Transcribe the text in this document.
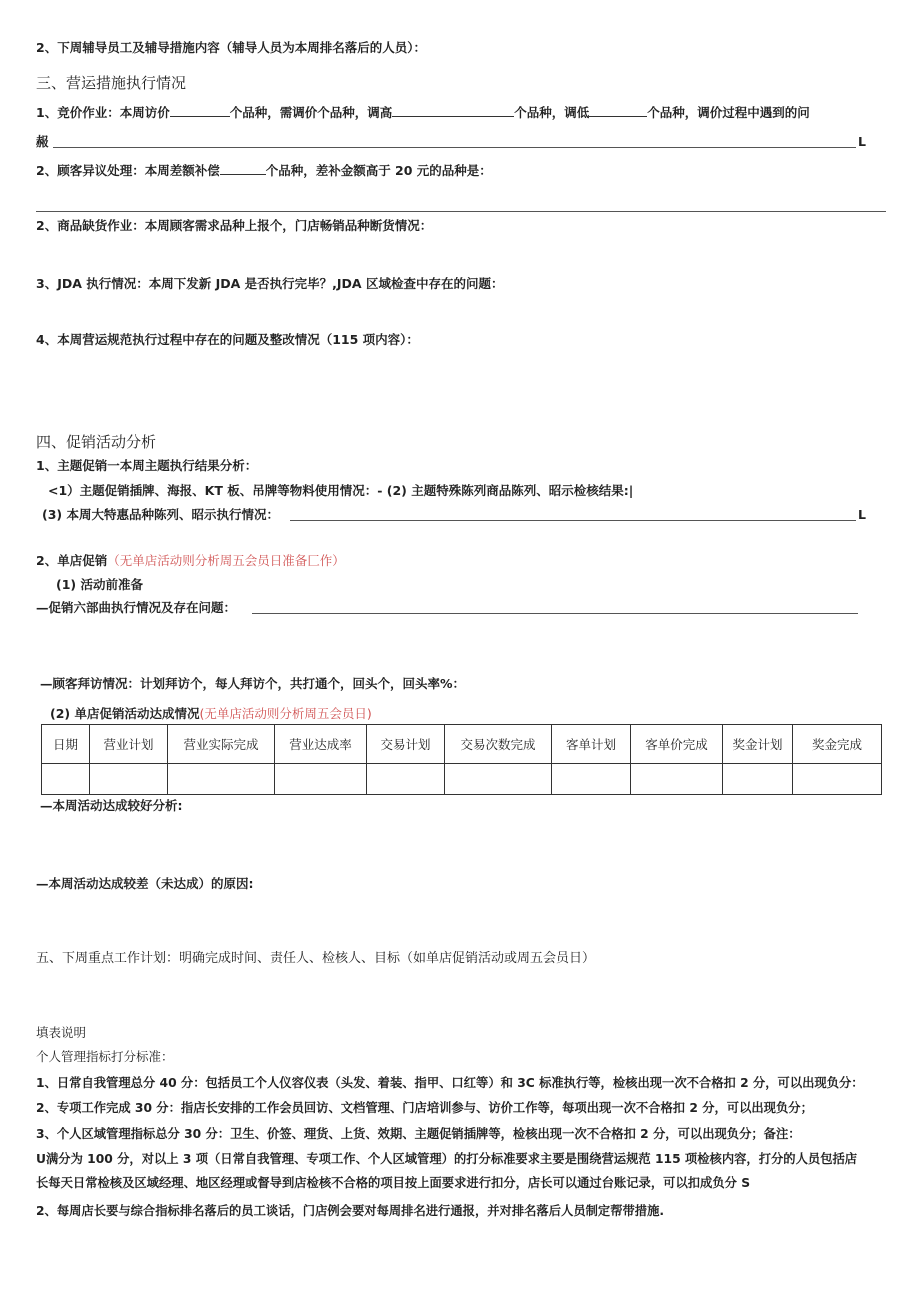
2、下周辅导员工及辅导措施内容（辅导人员为本周排名落后的人员）：
三、营运措施执行情况
1、竞价作业：本周访价	个品种，需调价个品种，调高	个品种，调低	个品种，调价过程中遇到的问
赧	L
2、顾客异议处理：本周差额补偿	个品种，差补金额高于 20 元的品种是：
2、商品缺货作业：本周顾客需求品种上报个，门店畅销品种断货情况：
3、JDA 执行情况：本周下发新 JDA 是否执行完毕？,JDA 区域检查中存在的问题：
4、本周营运规范执行过程中存在的问题及整改情况（115 项内容）：
四、促销活动分析
1、主题促销一本周主题执行结果分析：
<1）主题促销插牌、海报、KT 板、吊牌等物料使用情况：- (2) 主题特殊陈列商品陈列、昭示检核结果:|
(3) 本周大特惠品种陈列、昭示执行情况：	L
2、单店促销（无单店活动则分析周五会员日准备匚作）
(1) 活动前准备
—促销六部曲执行情况及存在问题：
—顾客拜访情况：计划拜访个，每人拜访个，共打通个，回头个，回头率%：
(2) 单店促销活动达成情况(无单店活动则分析周五会员日)
日期	营业计划	营业实际完成	营业达成率	交易计划	交易次数完成	客单计划	客单价完成	奖金计划	奖金完成

—本周活动达成较好分析:
—本周活动达成较差（未达成）的原因:
五、下周重点工作计划：明确完成时间、责任人、检核人、目标（如单店促销活动或周五会员日）
填表说明
个人管理指标打分标准：
1、日常自我管理总分 40 分：包括员工个人仪容仪表（头发、着装、指甲、口红等）和 3C 标准执行等，检核出现一次不合格扣 2 分，可以出现负分：
2、专项工作完成 30 分：指店长安排的工作会员回访、文档管理、门店培训参与、访价工作等，每项出现一次不合格扣 2 分，可以出现负分；
3、个人区域管理指标总分 30 分：卫生、价签、理货、上货、效期、主题促销插牌等，检核出现一次不合格扣 2 分，可以出现负分；备注：
U满分为 100 分，对以上 3 项（日常自我管理、专项工作、个人区域管理）的打分标准要求主要是围绕营运规范 115 项检核内容，打分的人员包括店
长每天日常检核及区域经理、地区经理或督导到店检核不合格的项目按上面要求进行扣分，店长可以通过台账记录，可以扣成负分 S
2、每周店长要与综合指标排名落后的员工谈话，门店例会要对每周排名进行通报，并对排名落后人员制定帮带措施.
